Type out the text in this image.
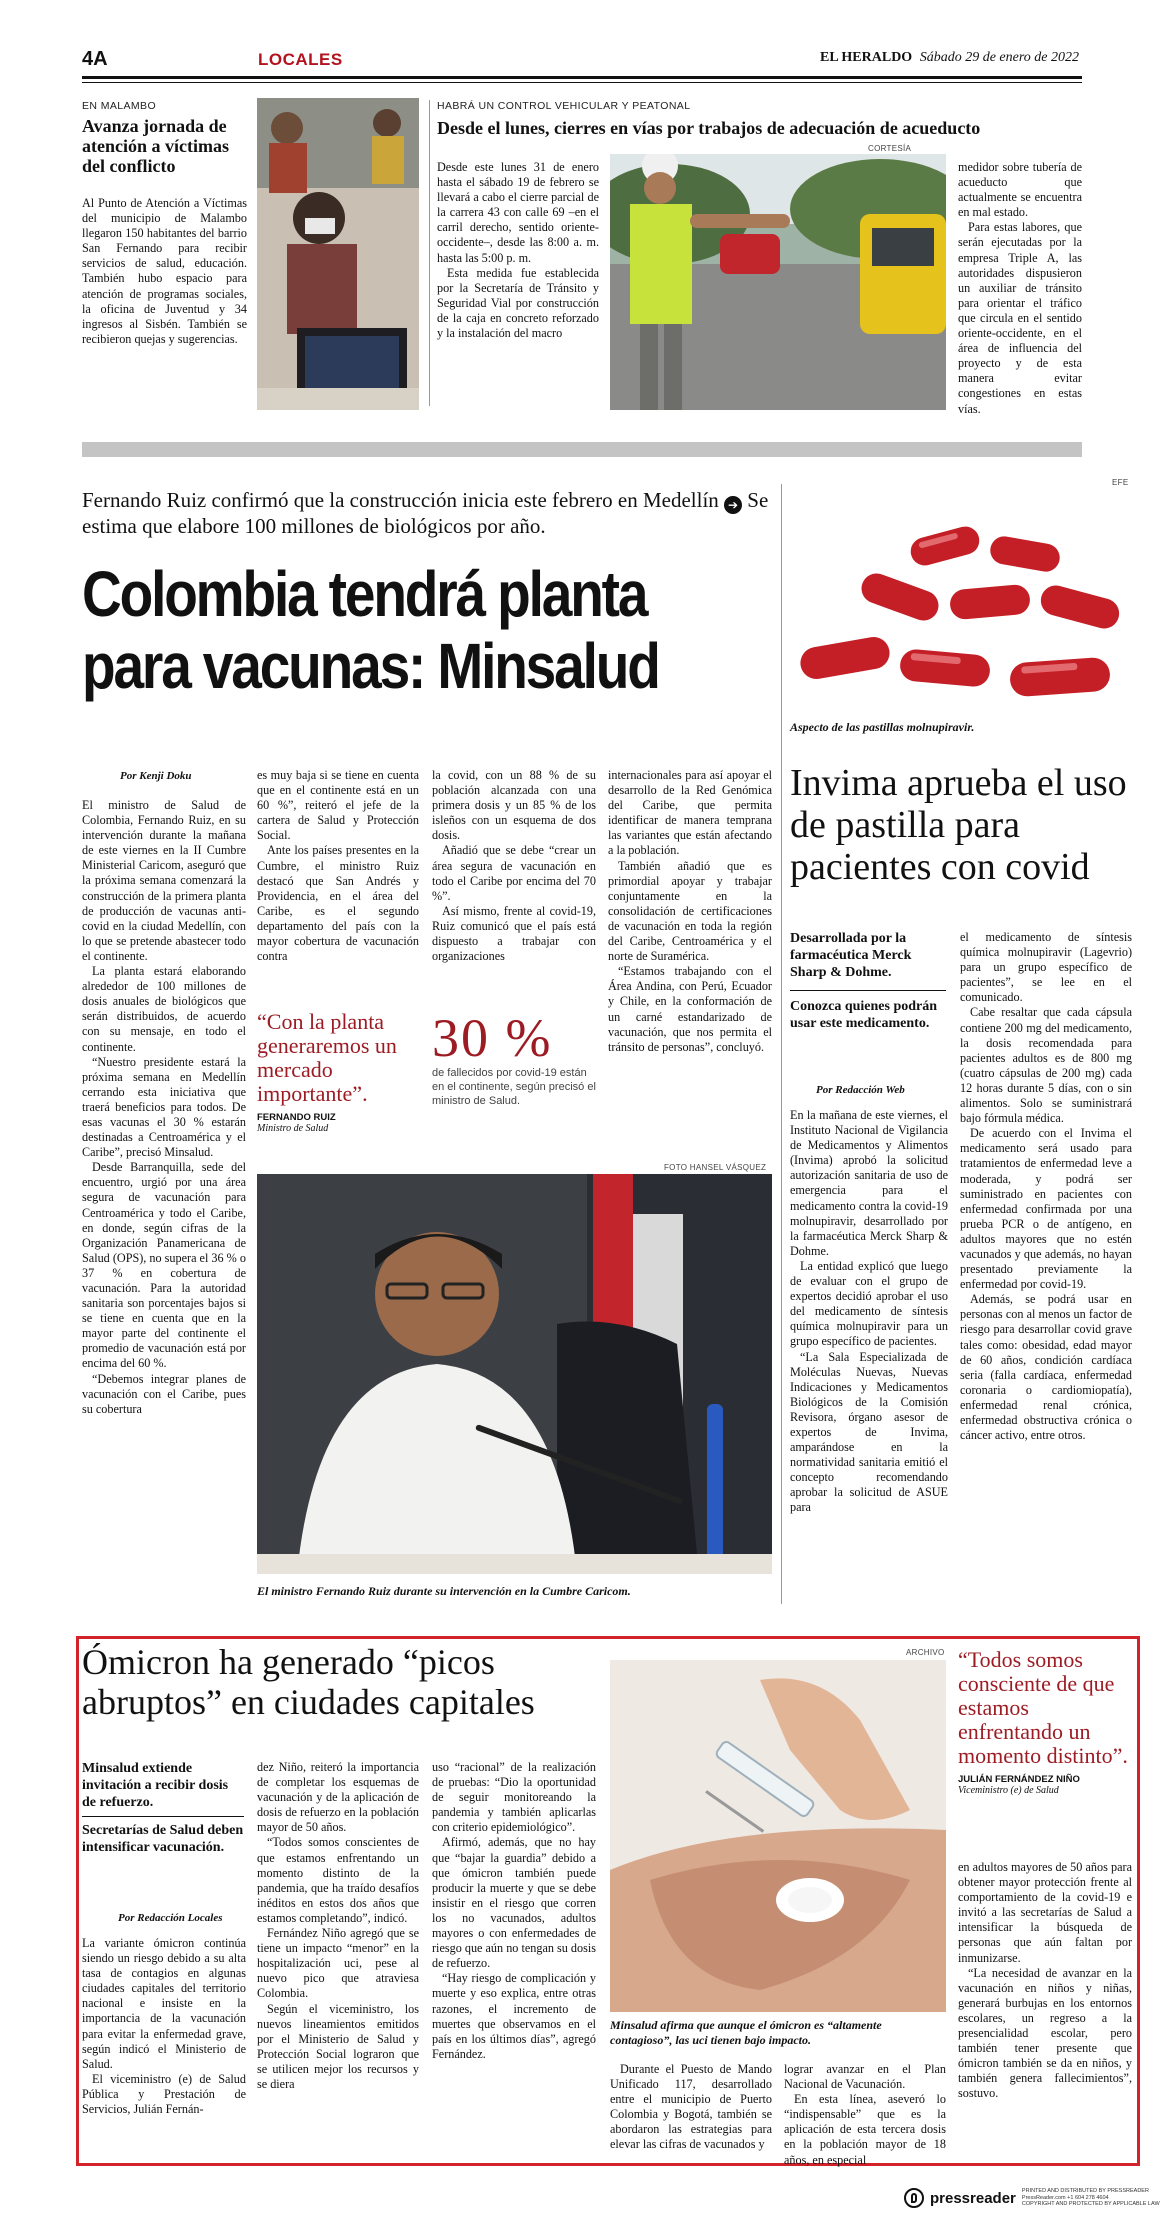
4A	LOCALES	EL HERALDO Sábado 29 de enero de 2022
EN MALAMBO
Avanza jornada de atención a víctimas del conflicto

Al Punto de Atención a Víctimas del municipio de Malambo llegaron 150 habitantes del barrio San Fernando para recibir servicios de salud, educación. También hubo espacio para atención de programas sociales, la oficina de Juventud y 34 ingresos al Sisbén. También se recibieron quejas y sugerencias.

HABRÁ UN CONTROL VEHICULAR Y PEATONAL
Desde el lunes, cierres en vías por trabajos de adecuación de acueducto

Desde este lunes 31 de enero hasta el sábado 19 de febrero se llevará a cabo el cierre parcial de la carrera 43 con calle 69 –en el carril derecho, sentido oriente-occidente–, desde las 8:00 a. m. hasta las 5:00 p. m.

Esta medida fue establecida por la Secretaría de Tránsito y Seguridad Vial por construcción de la caja en concreto reforzado y la instalación del macro

CORTESÍA

medidor sobre tubería de acueducto que actualmente se encuentra en mal estado.

Para estas labores, que serán ejecutadas por la empresa Triple A, las autoridades dispusieron un auxiliar de tránsito para orientar el tráfico que circula en el sentido oriente-occidente, en el área de influencia del proyecto y de esta manera evitar congestiones en estas vías.

Fernando Ruiz confirmó que la construcción inicia este febrero en Medellín ➔ Se estima que elabore 100 millones de biológicos por año.
Colombia tendrá planta para vacunas: Minsalud
Por Kenji Doku

El ministro de Salud de Colombia, Fernando Ruiz, en su intervención durante la mañana de este viernes en la II Cumbre Ministerial Caricom, aseguró que la próxima semana comenzará la construcción de la primera planta de producción de vacunas anti-covid en la ciudad Medellín, con lo que se pretende abastecer todo el continente.

La planta estará elaborando alrededor de 100 millones de dosis anuales de biológicos que serán distribuidos, de acuerdo con su mensaje, en todo el continente.

“Nuestro presidente estará la próxima semana en Medellín cerrando esta iniciativa que traerá beneficios para todos. De esas vacunas el 30 % estarán destinadas a Centroamérica y el Caribe”, precisó Minsalud.

Desde Barranquilla, sede del encuentro, urgió por una área segura de vacunación para Centroamérica y todo el Caribe, en donde, según cifras de la Organización Panamericana de Salud (OPS), no supera el 36 % o 37 % en cobertura de vacunación. Para la autoridad sanitaria son porcentajes bajos si se tiene en cuenta que en la mayor parte del continente el promedio de vacunación está por encima del 60 %.

“Debemos integrar planes de vacunación con el Caribe, pues su cobertura

es muy baja si se tiene en cuenta que en el continente está en un 60 %”, reiteró el jefe de la cartera de Salud y Protección Social.

Ante los países presentes en la Cumbre, el ministro Ruiz destacó que San Andrés y Providencia, en el área del Caribe, es el segundo departamento del país con la mayor cobertura de vacunación contra

la covid, con un 88 % de su población alcanzada con una primera dosis y un 85 % de los isleños con un esquema de dos dosis.

Añadió que se debe “crear un área segura de vacunación en todo el Caribe por encima del 70 %”.

Así mismo, frente al covid-19, Ruiz comunicó que el país está dispuesto a trabajar con organizaciones

internacionales para así apoyar el desarrollo de la Red Genómica del Caribe, que permita identificar de manera temprana las variantes que están afectando a la población.

También añadió que es primordial apoyar y trabajar conjuntamente en la consolidación de certificaciones de vacunación en toda la región del Caribe, Centroamérica y el norte de Suramérica.

“Estamos trabajando con el Área Andina, con Perú, Ecuador y Chile, en la conformación de un carné estandarizado de vacunación, que nos permita el tránsito de personas”, concluyó.

“Con la planta generaremos un mercado importante”.
FERNANDO RUIZ
Ministro de Salud
30 %
de fallecidos por covid-19 están en el continente, según precisó el ministro de Salud.
FOTO HANSEL VÁSQUEZ
El ministro Fernando Ruiz durante su intervención en la Cumbre Caricom.
EFE
Aspecto de las pastillas molnupiravir.
Invima aprueba el uso de pastilla para pacientes con covid
Desarrollada por la farmacéutica Merck Sharp & Dohme.
Conozca quienes podrán usar este medicamento.
Por Redacción Web

En la mañana de este viernes, el Instituto Nacional de Vigilancia de Medicamentos y Alimentos (Invima) aprobó la solicitud autorización sanitaria de uso de emergencia para el medicamento contra la covid-19 molnupiravir, desarrollado por la farmacéutica Merck Sharp & Dohme.

La entidad explicó que luego de evaluar con el grupo de expertos decidió aprobar el uso del medicamento de síntesis química molnupiravir para un grupo específico de pacientes.

“La Sala Especializada de Moléculas Nuevas, Nuevas Indicaciones y Medicamentos Biológicos de la Comisión Revisora, órgano asesor de expertos de Invima, amparándose en la normatividad sanitaria emitió el concepto recomendando aprobar la solicitud de ASUE para

el medicamento de síntesis química molnupiravir (Lagevrio) para un grupo específico de pacientes”, se lee en el comunicado.

Cabe resaltar que cada cápsula contiene 200 mg del medicamento, la dosis recomendada para pacientes adultos es de 800 mg (cuatro cápsulas de 200 mg) cada 12 horas durante 5 días, con o sin alimentos. Solo se suministrará bajo fórmula médica.

De acuerdo con el Invima el medicamento será usado para tratamientos de enfermedad leve a moderada, y podrá ser suministrado en pacientes con enfermedad confirmada por una prueba PCR o de antígeno, en adultos mayores que no estén vacunados y que además, no hayan presentado previamente la enfermedad por covid-19.

Además, se podrá usar en personas con al menos un factor de riesgo para desarrollar covid grave tales como: obesidad, edad mayor de 60 años, condición cardíaca seria (falla cardíaca, enfermedad coronaria o cardiomiopatía), enfermedad renal crónica, enfermedad obstructiva crónica o cáncer activo, entre otros.

Ómicron ha generado “picos abruptos” en ciudades capitales
Minsalud extiende invitación a recibir dosis de refuerzo.
Secretarías de Salud deben intensificar vacunación.
Por Redacción Locales

La variante ómicron continúa siendo un riesgo debido a su alta tasa de contagios en algunas ciudades capitales del territorio nacional e insiste en la importancia de la vacunación para evitar la enfermedad grave, según indicó el Ministerio de Salud.

El viceministro (e) de Salud Pública y Prestación de Servicios, Julián Fernán-

dez Niño, reiteró la importancia de completar los esquemas de vacunación y de la aplicación de dosis de refuerzo en la población mayor de 50 años.

“Todos somos conscientes de que estamos enfrentando un momento distinto de la pandemia, que ha traído desafíos inéditos en estos dos años que estamos completando”, indicó.

Fernández Niño agregó que se tiene un impacto “menor” en la hospitalización uci, pese al nuevo pico que atraviesa Colombia.

Según el viceministro, los nuevos lineamientos emitidos por el Ministerio de Salud y Protección Social lograron que se utilicen mejor los recursos y se diera

uso “racional” de la realización de pruebas: “Dio la oportunidad de seguir monitoreando la pandemia y también aplicarlas con criterio epidemiológico”.

Afirmó, además, que no hay que “bajar la guardia” debido a que ómicron también puede producir la muerte y que se debe insistir en el riesgo que corren los no vacunados, adultos mayores o con enfermedades de riesgo que aún no tengan su dosis de refuerzo.

“Hay riesgo de complicación y muerte y eso explica, entre otras razones, el incremento de muertes que observamos en el país en los últimos días”, agregó Fernández.

ARCHIVO
Minsalud afirma que aunque el ómicron es “altamente contagioso”, las uci tienen bajo impacto.

Durante el Puesto de Mando Unificado 117, desarrollado entre el municipio de Puerto Colombia y Bogotá, también se abordaron las estrategias para elevar las cifras de vacunados y

lograr avanzar en el Plan Nacional de Vacunación.

En esta línea, aseveró lo “indispensable” que es la aplicación de esta tercera dosis en la población mayor de 18 años, en especial

“Todos somos consciente de que estamos enfrentando un momento distinto”.
JULIÁN FERNÁNDEZ NIÑO
Viceministro (e) de Salud

en adultos mayores de 50 años para obtener mayor protección frente al comportamiento de la covid-19 e invitó a las secretarías de Salud a intensificar la búsqueda de personas que aún faltan por inmunizarse.

“La necesidad de avanzar en la vacunación en niños y niñas, generará burbujas en los entornos escolares, un regreso a la presencialidad escolar, pero también tener presente que ómicron también se da en niños, y también genera fallecimientos”, sostuvo.

pressreader PRINTED AND DISTRIBUTED BY PRESSREADER
PressReader.com +1 604 278 4604
COPYRIGHT AND PROTECTED BY APPLICABLE LAW
